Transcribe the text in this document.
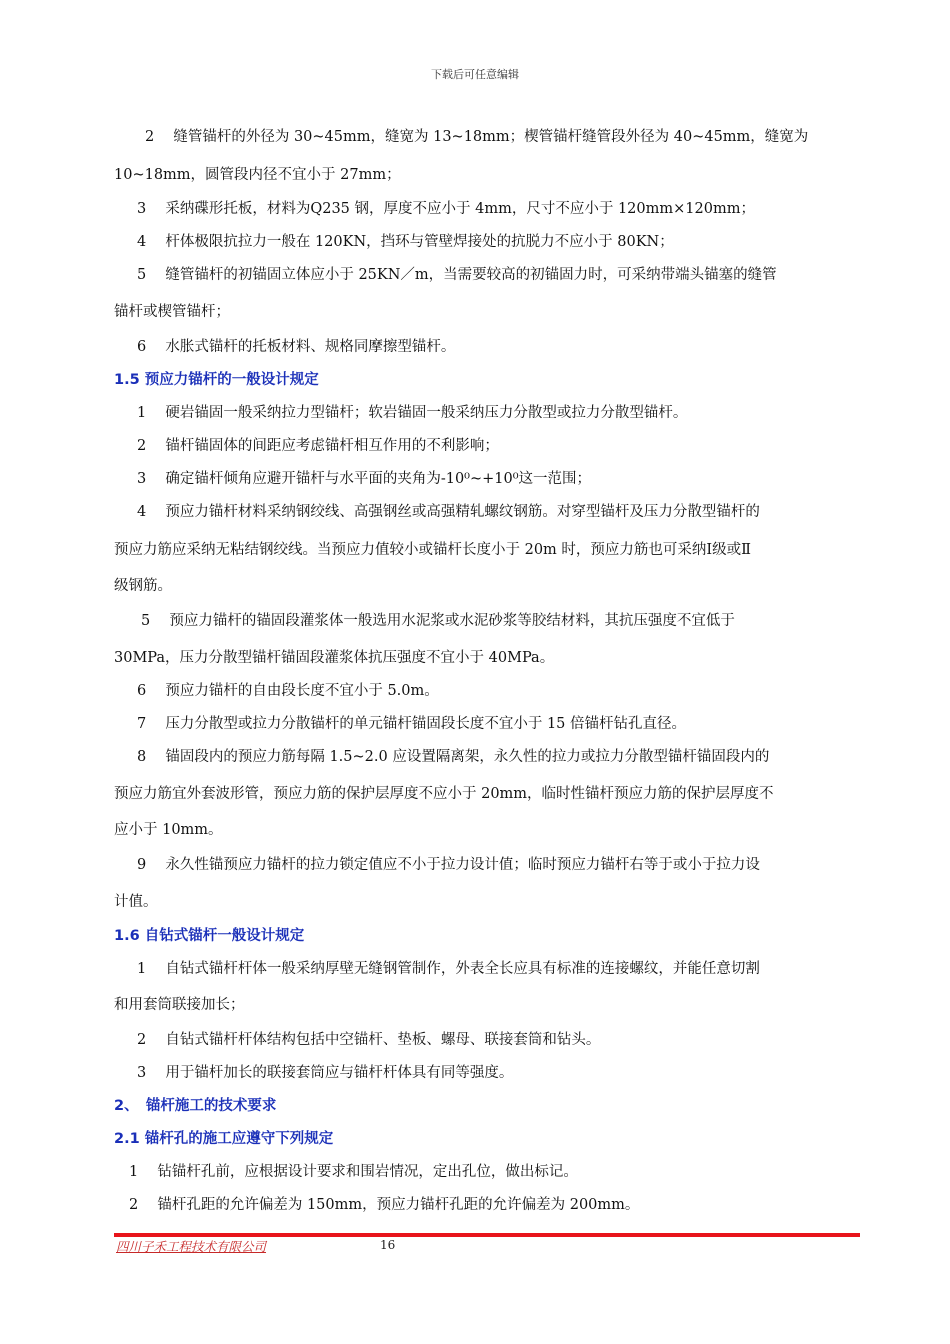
下载后可任意编辑
2　 缝管锚杆的外径为 30~45mm，缝宽为 13~18mm；楔管锚杆缝管段外径为 40~45mm，缝宽为
10~18mm，圆管段内径不宜小于 27mm；
3　 采纳碟形托板，材料为Q235 钢，厚度不应小于 4mm，尺寸不应小于 120mm×120mm；
4　 杆体极限抗拉力一般在 120KN，挡环与管壁焊接处的抗脱力不应小于 80KN；
5　 缝管锚杆的初锚固立体应小于 25KN／m，当需要较高的初锚固力时，可采纳带端头锚塞的缝管
锚杆或楔管锚杆；
6　 水胀式锚杆的托板材料、规格同摩擦型锚杆。
1　 硬岩锚固一般采纳拉力型锚杆；软岩锚固一般采纳压力分散型或拉力分散型锚杆。
2　 锚杆锚固体的间距应考虑锚杆相互作用的不利影响；
3　 确定锚杆倾角应避开锚杆与水平面的夹角为-10⁰~+10⁰这一范围；
4　 预应力锚杆材料采纳钢绞线、高强钢丝或高强精轧螺纹钢筋。对穿型锚杆及压力分散型锚杆的
预应力筋应采纳无粘结钢绞线。当预应力值较小或锚杆长度小于 20m 时，预应力筋也可采纳Ⅰ级或Ⅱ
级钢筋。
5　 预应力锚杆的锚固段灌浆体一般选用水泥浆或水泥砂浆等胶结材料，其抗压强度不宜低于
30MPa，压力分散型锚杆锚固段灌浆体抗压强度不宜小于 40MPa。
6　 预应力锚杆的自由段长度不宜小于 5.0m。
7　 压力分散型或拉力分散锚杆的单元锚杆锚固段长度不宜小于 15 倍锚杆钻孔直径。
8　 锚固段内的预应力筋每隔 1.5~2.0 应设置隔离架，永久性的拉力或拉力分散型锚杆锚固段内的
预应力筋宜外套波形管，预应力筋的保护层厚度不应小于 20mm，临时性锚杆预应力筋的保护层厚度不
应小于 10mm。
9　 永久性锚预应力锚杆的拉力锁定值应不小于拉力设计值；临时预应力锚杆右等于或小于拉力设
计值。
1　 自钻式锚杆杆体一般采纳厚壁无缝钢管制作，外表全长应具有标准的连接螺纹，并能任意切割
和用套筒联接加长；
2　 自钻式锚杆杆体结构包括中空锚杆、垫板、螺母、联接套筒和钻头。
3　 用于锚杆加长的联接套筒应与锚杆杆体具有同等强度。
1　 钻锚杆孔前，应根据设计要求和围岩情况，定出孔位，做出标记。
2　 锚杆孔距的允许偏差为 150mm，预应力锚杆孔距的允许偏差为 200mm。
1.5 预应力锚杆的一般设计规定
1.6 自钻式锚杆一般设计规定
2、　锚杆施工的技术要求
2.1 锚杆孔的施工应遵守下列规定
四川子禾工程技术有限公司	16
